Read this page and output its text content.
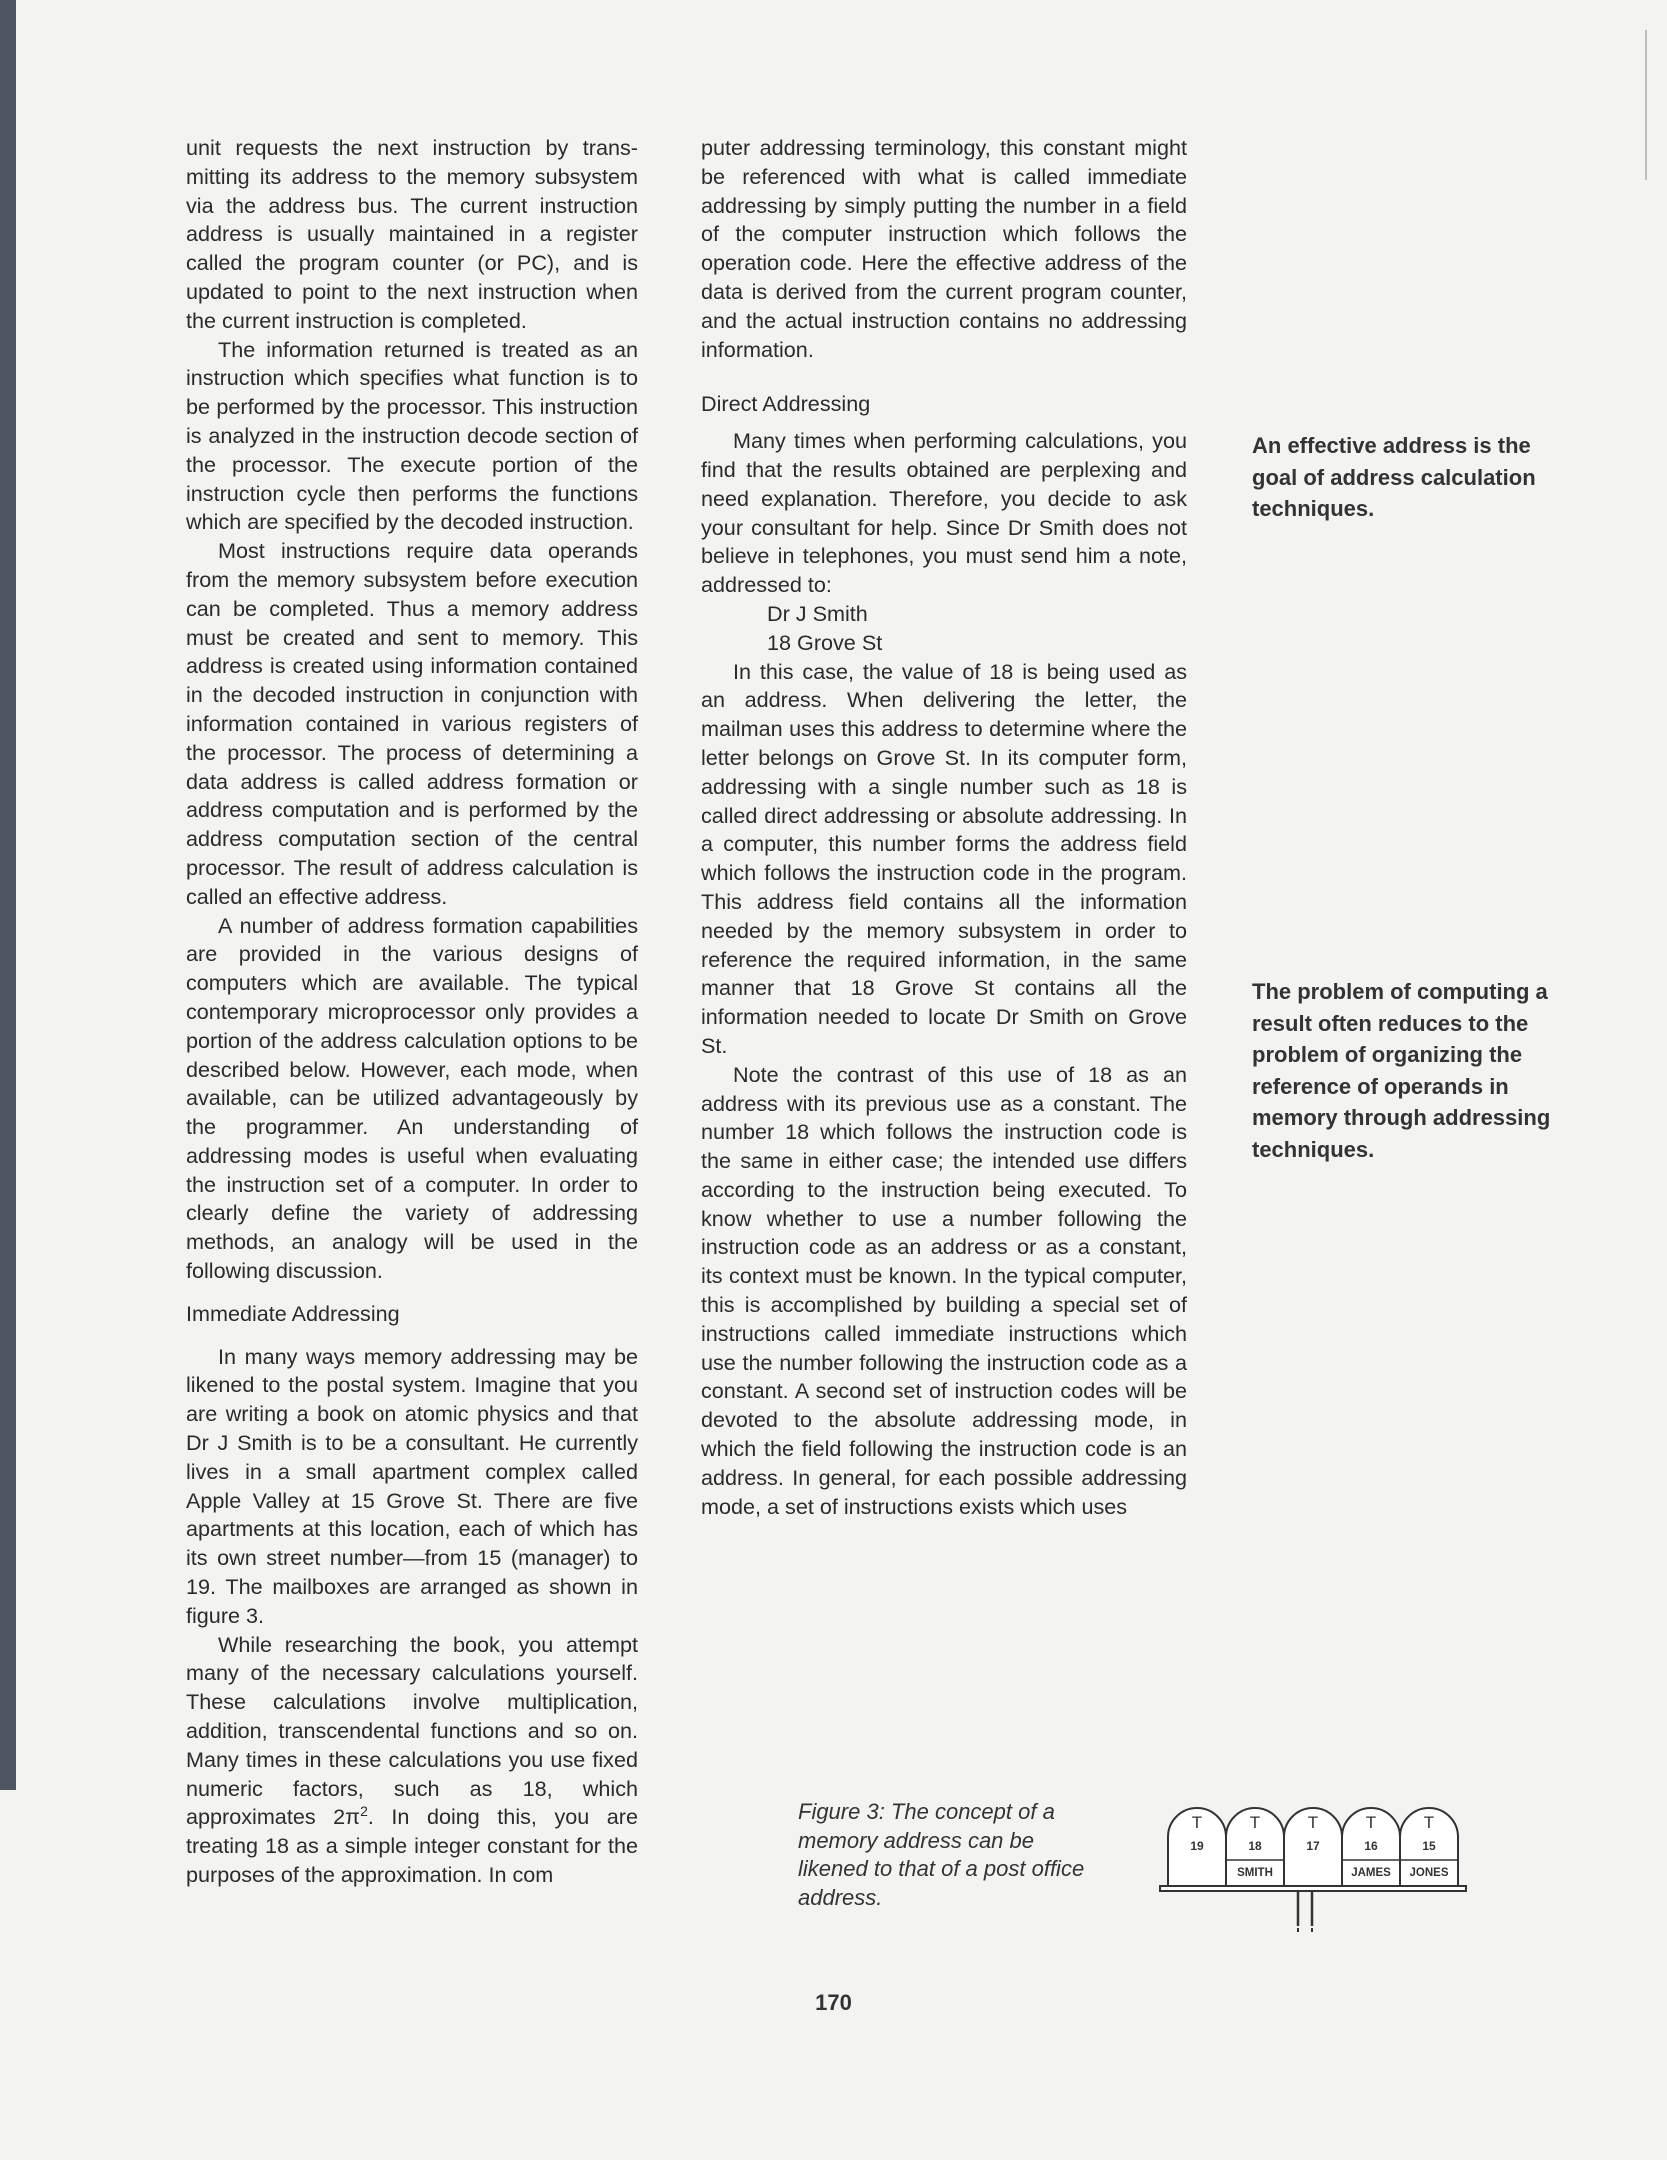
unit requests the next instruction by transmitting its address to the memory subsystem via the address bus. The current instruction address is usually maintained in a register called the program counter (or PC), and is updated to point to the next instruction when the current instruction is completed.

The information returned is treated as an instruction which specifies what function is to be performed by the processor. This instruction is analyzed in the instruction decode section of the processor. The execute portion of the instruction cycle then performs the functions which are specified by the decoded instruction.

Most instructions require data operands from the memory subsystem before execution can be completed. Thus a memory address must be created and sent to memory. This address is created using information contained in the decoded instruction in conjunction with information contained in various registers of the processor. The process of determining a data address is called address formation or address computation and is performed by the address computation section of the central processor. The result of address calculation is called an effective address.

A number of address formation capabilities are provided in the various designs of computers which are available. The typical contemporary microprocessor only provides a portion of the address calculation options to be described below. However, each mode, when available, can be utilized advantageously by the programmer. An understanding of addressing modes is useful when evaluating the instruction set of a computer. In order to clearly define the variety of addressing methods, an analogy will be used in the following discussion.

Immediate Addressing

In many ways memory addressing may be likened to the postal system. Imagine that you are writing a book on atomic physics and that Dr J Smith is to be a consultant. He currently lives in a small apartment complex called Apple Valley at 15 Grove St. There are five apartments at this location, each of which has its own street number—from 15 (manager) to 19. The mailboxes are arranged as shown in figure 3.

While researching the book, you attempt many of the necessary calculations yourself. These calculations involve multiplication, addition, transcendental functions and so on. Many times in these calculations you use fixed numeric factors, such as 18, which approximates $2\pi^2$. In doing this, you are treating 18 as a simple integer constant for the purposes of the approximation. In com

puter addressing terminology, this constant might be referenced with what is called immediate addressing by simply putting the number in a field of the computer instruction which follows the operation code. Here the effective address of the data is derived from the current program counter, and the actual instruction contains no addressing information.

Direct Addressing

Many times when performing calculations, you find that the results obtained are perplexing and need explanation. Therefore, you decide to ask your consultant for help. Since Dr Smith does not believe in telephones, you must send him a note, addressed to:

Dr J Smith

18 Grove St

In this case, the value of 18 is being used as an address. When delivering the letter, the mailman uses this address to determine where the letter belongs on Grove St. In its computer form, addressing with a single number such as 18 is called direct addressing or absolute addressing. In a computer, this number forms the address field which follows the instruction code in the program. This address field contains all the information needed by the memory subsystem in order to reference the required information, in the same manner that 18 Grove St contains all the information needed to locate Dr Smith on Grove St.

Note the contrast of this use of 18 as an address with its previous use as a constant. The number 18 which follows the instruction code is the same in either case; the intended use differs according to the instruction being executed. To know whether to use a number following the instruction code as an address or as a constant, its context must be known. In the typical computer, this is accomplished by building a special set of instructions called immediate instructions which use the number following the instruction code as a constant. A second set of instruction codes will be devoted to the absolute addressing mode, in which the field following the instruction code is an address. In general, for each possible addressing mode, a set of instructions exists which uses

An effective address is the goal of address calculation techniques.
The problem of computing a result often reduces to the problem of organizing the reference of operands in memory through addressing techniques.
Figure 3: The concept of a memory address can be likened to that of a post office address.
T
19
T
18
SMITH
T
17
T
16
JAMES
T
15
JONES
170
